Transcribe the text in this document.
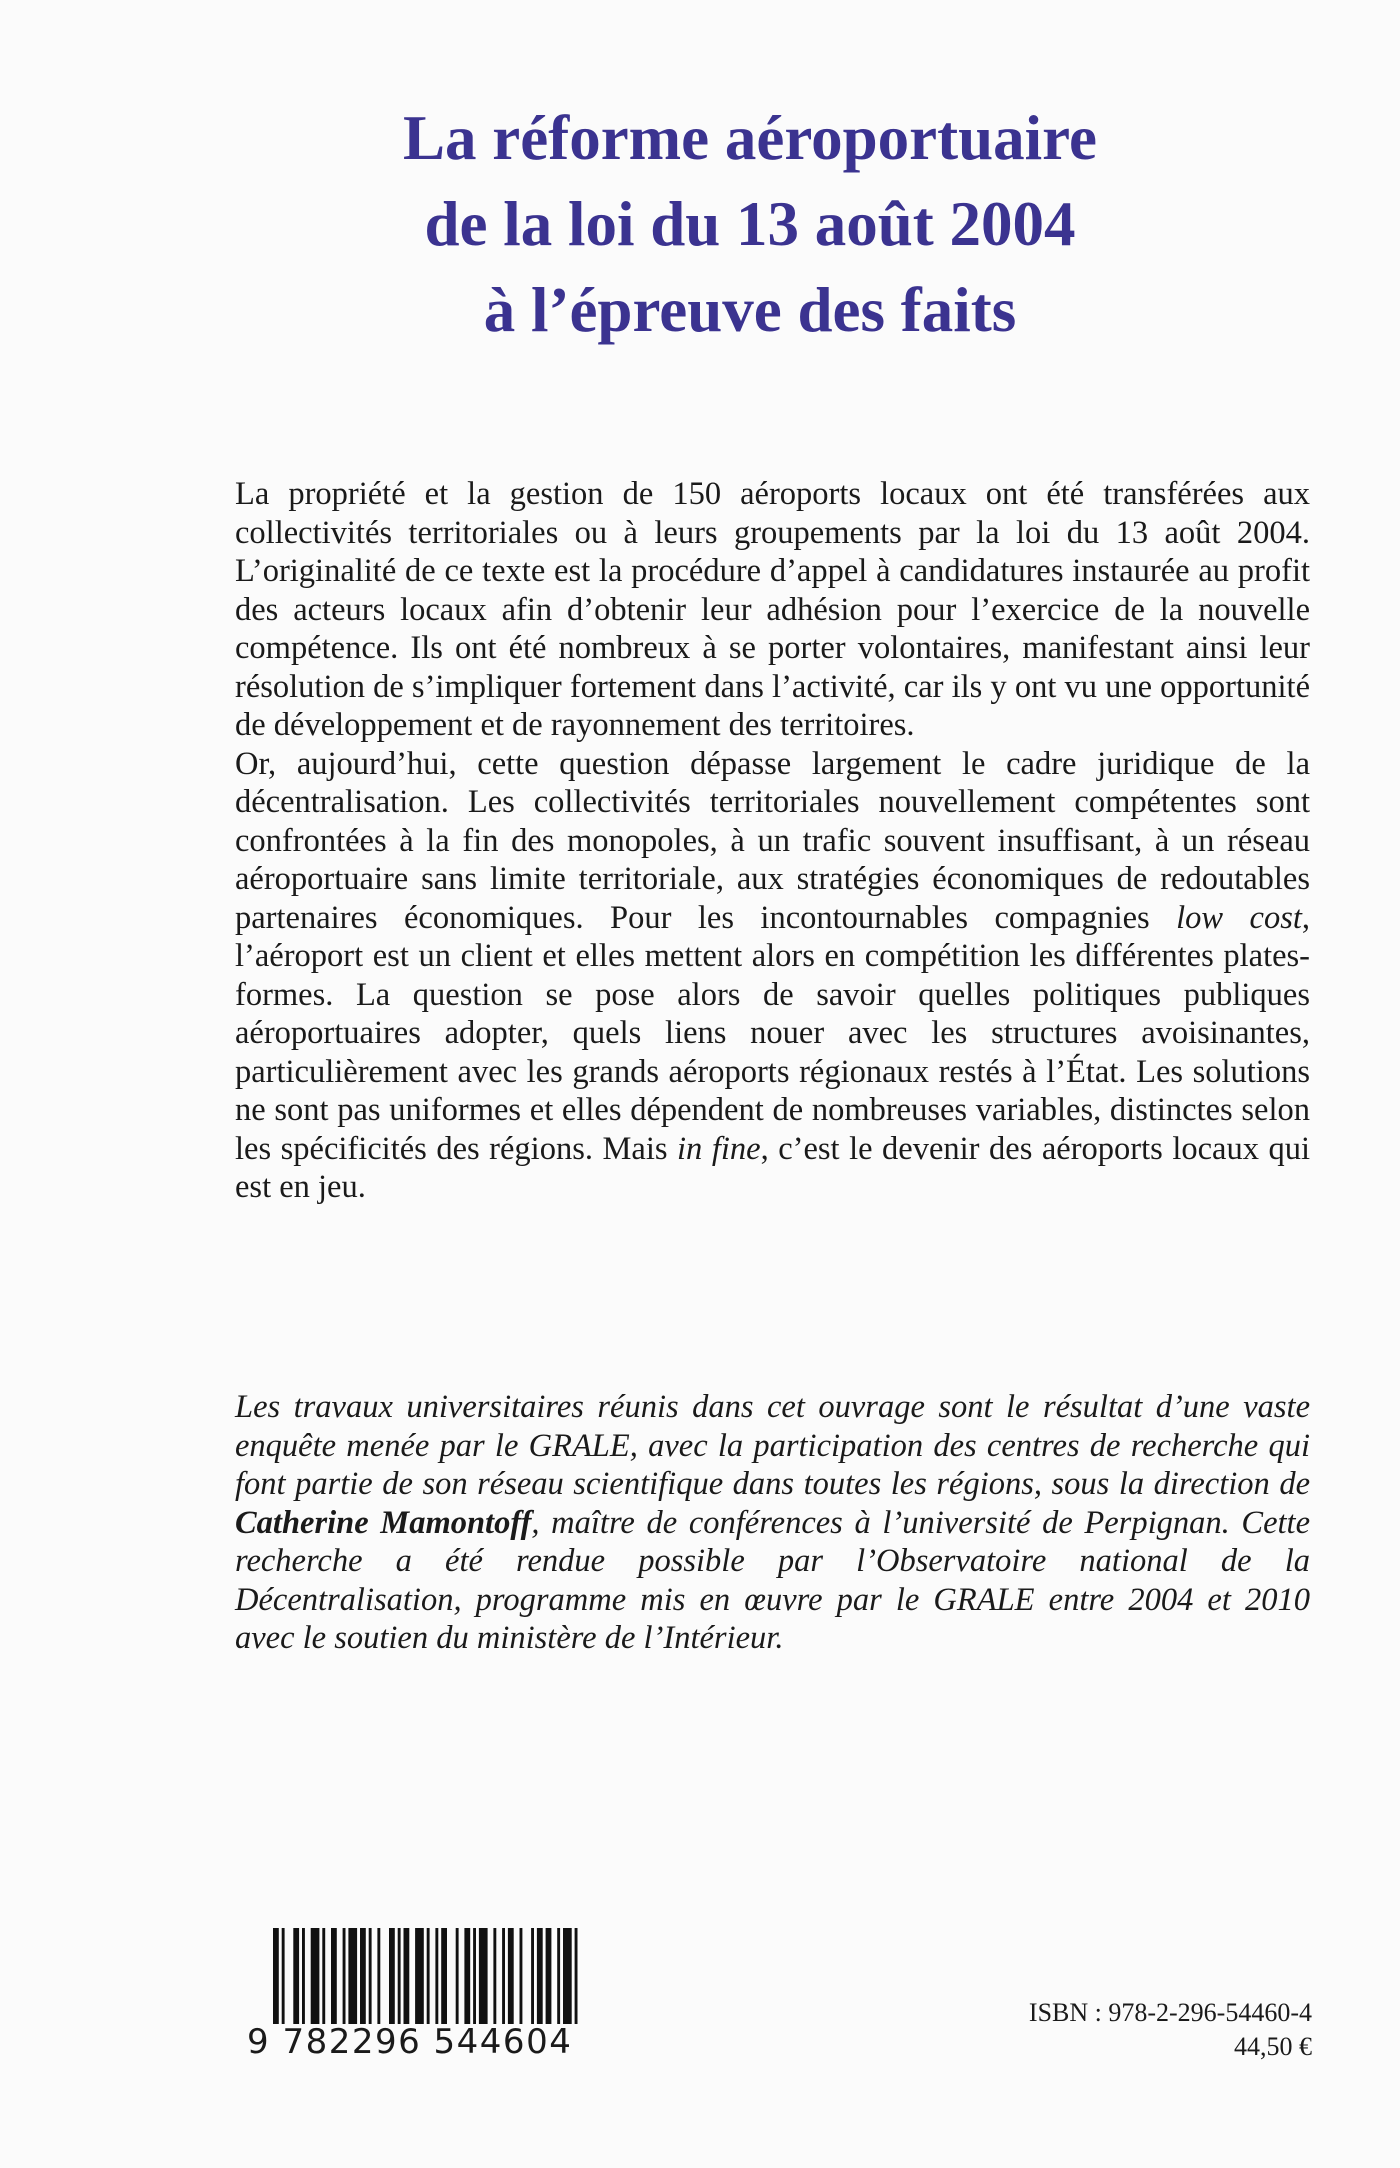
La réforme aéroportuaire
de la loi du 13 août 2004
à l’épreuve des faits

La propriété et la gestion de 150 aéroports locaux ont été transférées aux collectivités territoriales ou à leurs groupements par la loi du 13 août 2004. L’originalité de ce texte est la procédure d’appel à candidatures instaurée au profit des acteurs locaux afin d’obtenir leur adhésion pour l’exercice de la nouvelle compétence. Ils ont été nombreux à se porter volontaires, manifestant ainsi leur résolution de s’impliquer fortement dans l’activité, car ils y ont vu une opportunité de développement et de rayonnement des territoires.

Or, aujourd’hui, cette question dépasse largement le cadre juridique de la décentralisation. Les collectivités territoriales nouvellement compétentes sont confrontées à la fin des monopoles, à un trafic souvent insuffisant, à un réseau aéroportuaire sans limite territoriale, aux stratégies économiques de redoutables partenaires économiques. Pour les incontournables compagnies low cost, l’aéroport est un client et elles mettent alors en compétition les différentes plates-formes. La question se pose alors de savoir quelles politiques publiques aéroportuaires adopter, quels liens nouer avec les structures avoisinantes, particulièrement avec les grands aéroports régionaux restés à l’État. Les solutions ne sont pas uniformes et elles dépendent de nombreuses variables, distinctes selon les spécificités des régions. Mais in fine, c’est le devenir des aéroports locaux qui est en jeu.

Les travaux universitaires réunis dans cet ouvrage sont le résultat d’une vaste enquête menée par le GRALE, avec la participation des centres de recherche qui font partie de son réseau scientifique dans toutes les régions, sous la direction de Catherine Mamontoff, maître de conférences à l’université de Perpignan. Cette recherche a été rendue possible par l’Observatoire national de la Décentralisation, programme mis en œuvre par le GRALE entre 2004 et 2010 avec le soutien du ministère de l’Intérieur.

9 782296 544604
ISBN : 978-2-296-54460-4
44,50 €
